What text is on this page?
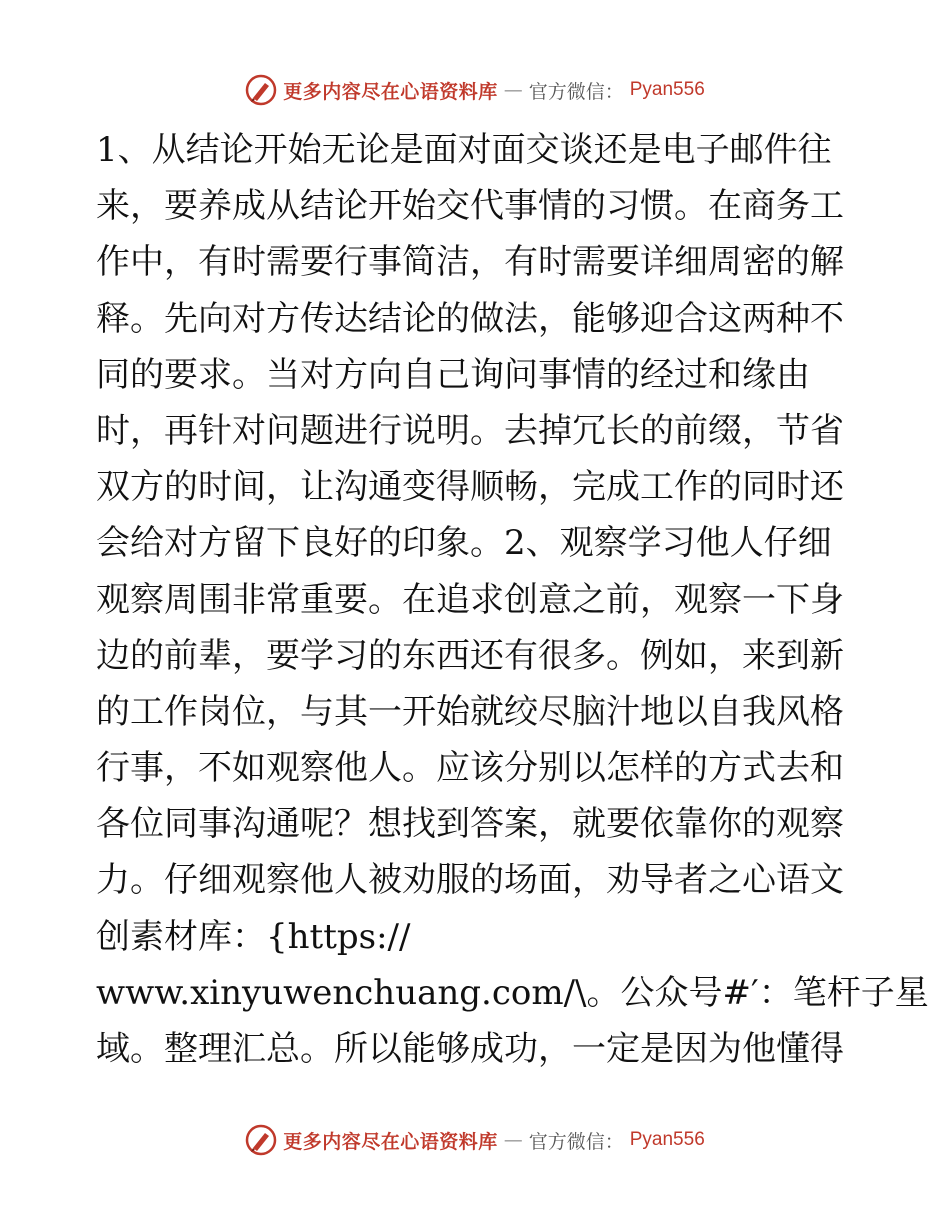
更多内容尽在心语资料库 — 官方微信： Pyan556
1、从结论开始无论是面对面交谈还是电子邮件往
来，要养成从结论开始交代事情的习惯。在商务工
作中，有时需要行事简洁，有时需要详细周密的解
释。先向对方传达结论的做法，能够迎合这两种不
同的要求。当对方向自己询问事情的经过和缘由
时，再针对问题进行说明。去掉冗长的前缀，节省
双方的时间，让沟通变得顺畅，完成工作的同时还
会给对方留下良好的印象。2、观察学习他人仔细
观察周围非常重要。在追求创意之前，观察一下身
边的前辈，要学习的东西还有很多。例如，来到新
的工作岗位，与其一开始就绞尽脑汁地以自我风格
行事，不如观察他人。应该分别以怎样的方式去和
各位同事沟通呢？想找到答案，就要依靠你的观察
力。仔细观察他人被劝服的场面，劝导者之心语文
创素材库：{https://
www.xinyuwenchuang.com/\。公众号#′：笔杆子星
域。整理汇总。所以能够成功，一定是因为他懂得
更多内容尽在心语资料库 — 官方微信： Pyan556
